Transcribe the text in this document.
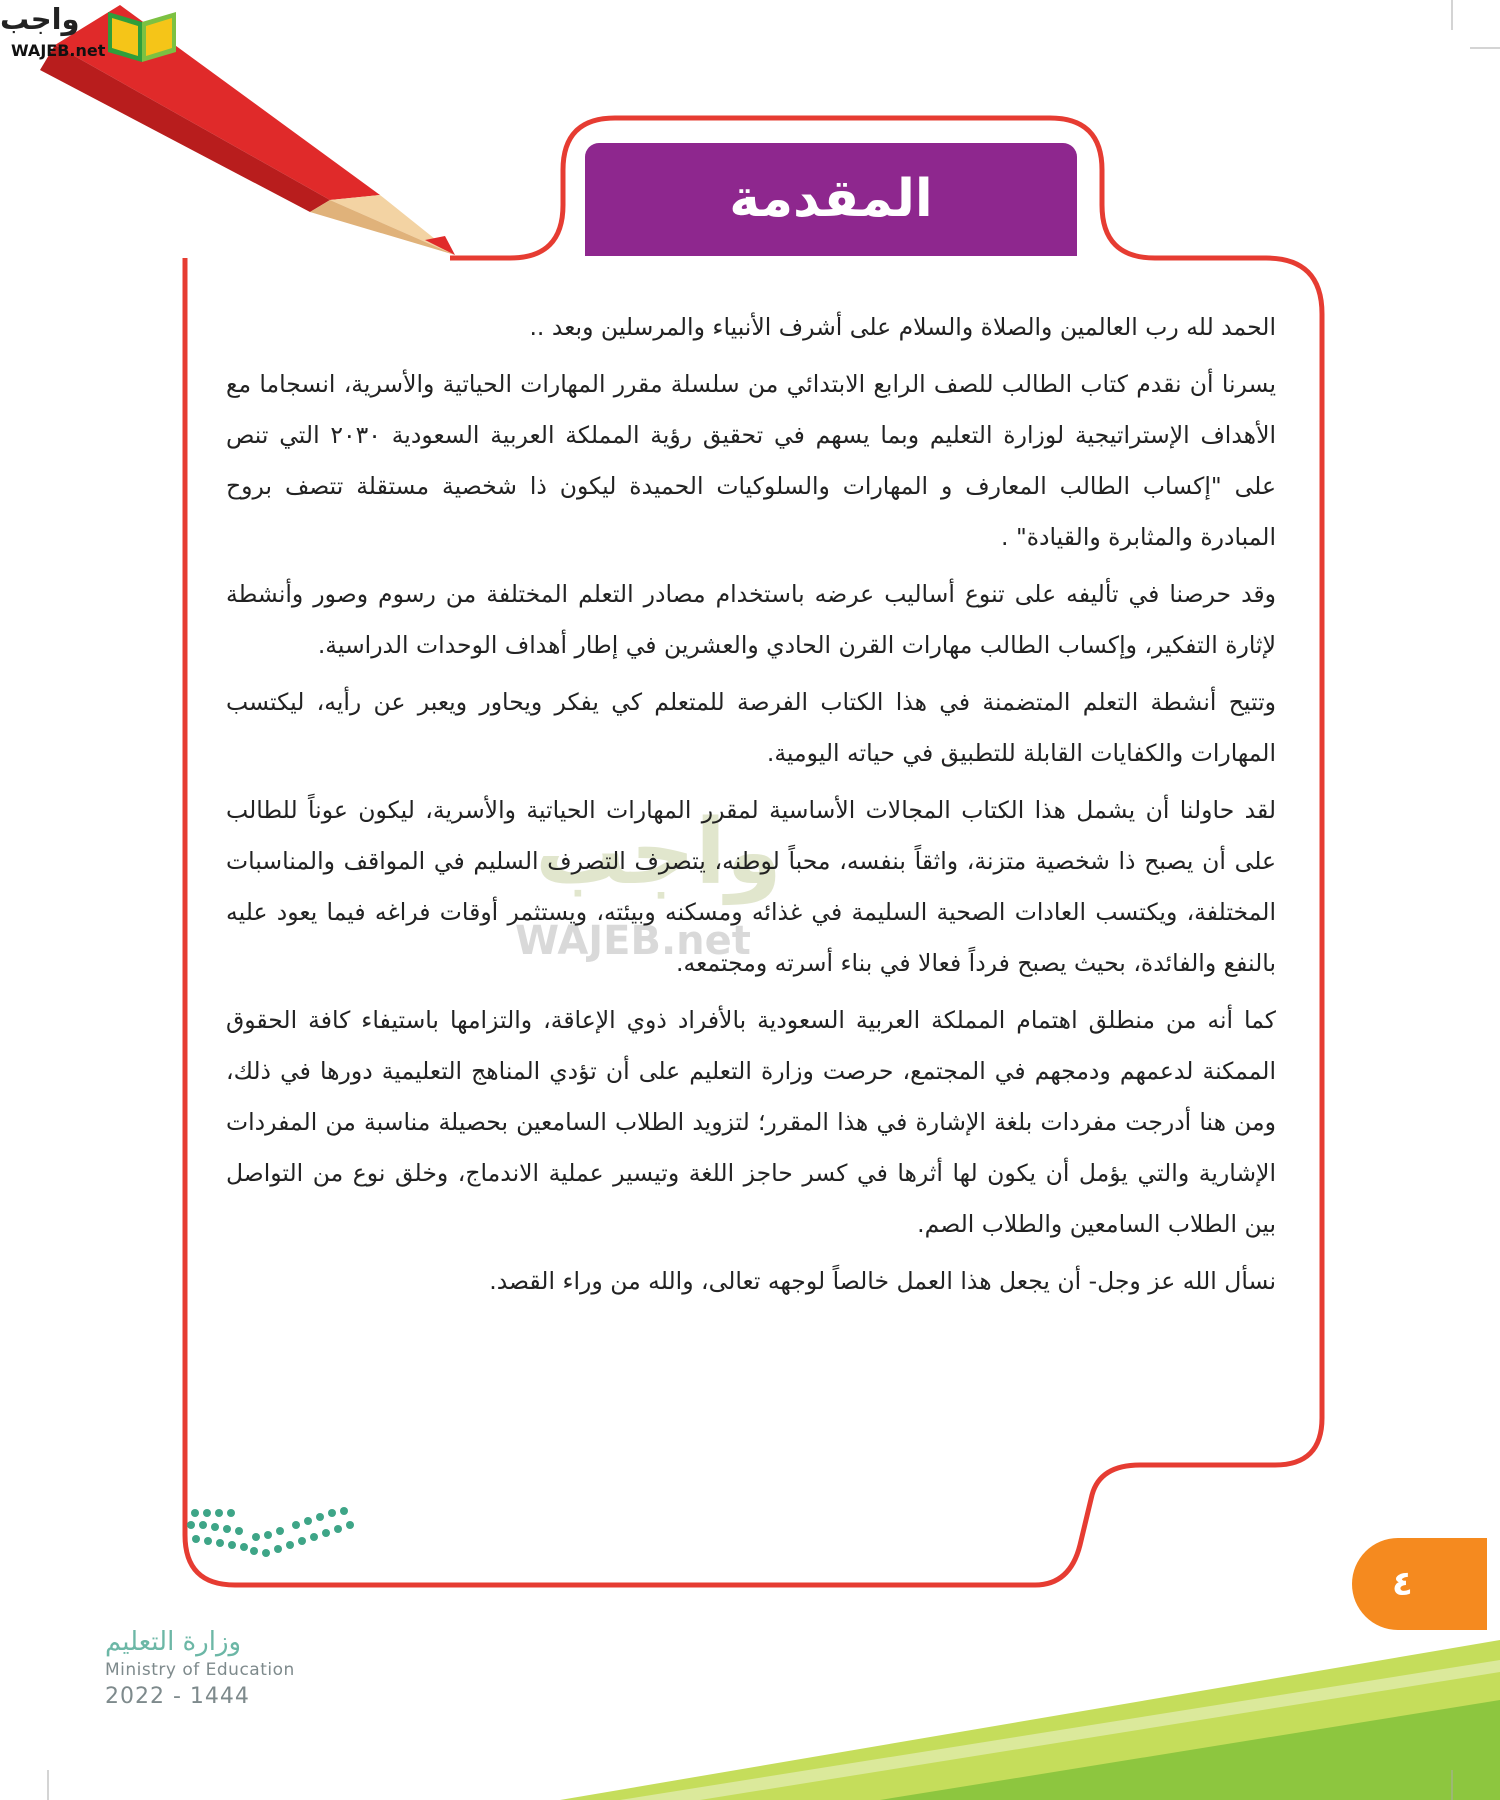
واجب
WAJEB.net
واجب
WAJEB.net
المقدمة

الحمد لله رب العالمين والصلاة والسلام على أشرف الأنبياء والمرسلين وبعد ..

يسرنا أن نقدم كتاب الطالب للصف الرابع الابتدائي من سلسلة مقرر المهارات الحياتية والأسرية، انسجاما مع الأهداف الإستراتيجية لوزارة التعليم وبما يسهم في تحقيق رؤية المملكة العربية السعودية ٢٠٣٠ التي تنص على "إكساب الطالب المعارف و المهارات والسلوكيات الحميدة ليكون ذا شخصية مستقلة تتصف بروح المبادرة والمثابرة والقيادة" .

وقد حرصنا في تأليفه على تنوع أساليب عرضه باستخدام مصادر التعلم المختلفة من رسوم وصور وأنشطة لإثارة التفكير، وإكساب الطالب مهارات القرن الحادي والعشرين في إطار أهداف الوحدات الدراسية.

وتتيح أنشطة التعلم المتضمنة في هذا الكتاب الفرصة للمتعلم كي يفكر ويحاور ويعبر عن رأيه، ليكتسب المهارات والكفايات القابلة للتطبيق في حياته اليومية.

لقد حاولنا أن يشمل هذا الكتاب المجالات الأساسية لمقرر المهارات الحياتية والأسرية، ليكون عوناً للطالب على أن يصبح ذا شخصية متزنة، واثقاً بنفسه، محباً لوطنه، يتصرف التصرف السليم في المواقف والمناسبات المختلفة، ويكتسب العادات الصحية السليمة في غذائه ومسكنه وبيئته، ويستثمر أوقات فراغه فيما يعود عليه بالنفع والفائدة، بحيث يصبح فرداً فعالا في بناء أسرته ومجتمعه.

كما أنه من منطلق اهتمام المملكة العربية السعودية بالأفراد ذوي الإعاقة، والتزامها باستيفاء كافة الحقوق الممكنة لدعمهم ودمجهم في المجتمع، حرصت وزارة التعليم على أن تؤدي المناهج التعليمية دورها في ذلك، ومن هنا أدرجت مفردات بلغة الإشارة في هذا المقرر؛ لتزويد الطلاب السامعين بحصيلة مناسبة من المفردات الإشارية والتي يؤمل أن يكون لها أثرها في كسر حاجز اللغة وتيسير عملية الاندماج، وخلق نوع من التواصل بين الطلاب السامعين والطلاب الصم.

نسأل الله عز وجل- أن يجعل هذا العمل خالصاً لوجهه تعالى، والله من وراء القصد.

٤
وزارة التعليم
Ministry of Education
2022 - 1444
